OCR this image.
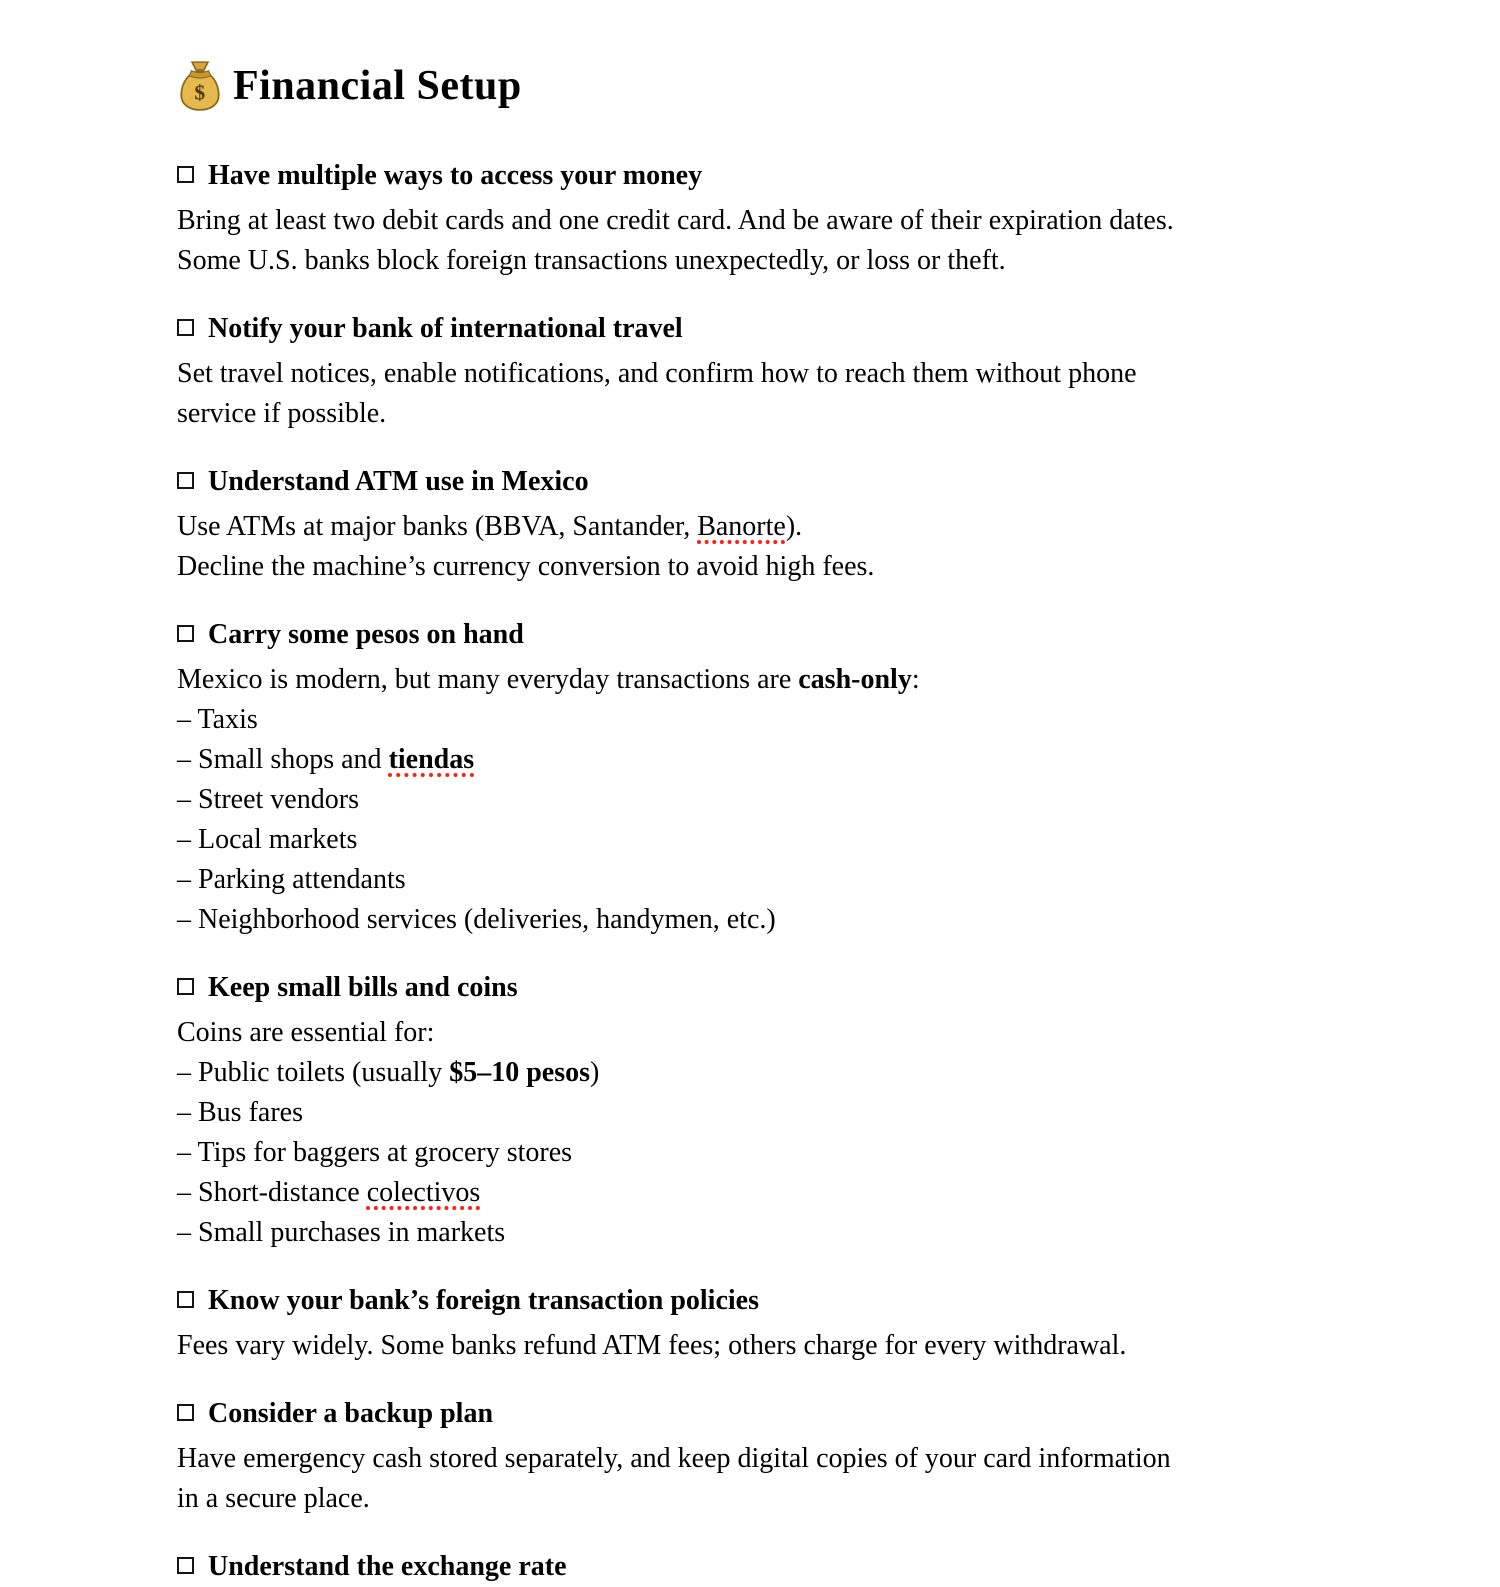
$ Financial Setup
Have multiple ways to access your money
Bring at least two debit cards and one credit card. And be aware of their expiration dates.
Some U.S. banks block foreign transactions unexpectedly, or loss or theft.
Notify your bank of international travel
Set travel notices, enable notifications, and confirm how to reach them without phone
service if possible.
Understand ATM use in Mexico
Use ATMs at major banks (BBVA, Santander, Banorte).
Decline the machine’s currency conversion to avoid high fees.
Carry some pesos on hand
Mexico is modern, but many everyday transactions are cash-only:
– Taxis
– Small shops and tiendas
– Street vendors
– Local markets
– Parking attendants
– Neighborhood services (deliveries, handymen, etc.)
Keep small bills and coins
Coins are essential for:
– Public toilets (usually $5–10 pesos)
– Bus fares
– Tips for baggers at grocery stores
– Short-distance colectivos
– Small purchases in markets
Know your bank’s foreign transaction policies
Fees vary widely. Some banks refund ATM fees; others charge for every withdrawal.
Consider a backup plan
Have emergency cash stored separately, and keep digital copies of your card information
in a secure place.
Understand the exchange rate
